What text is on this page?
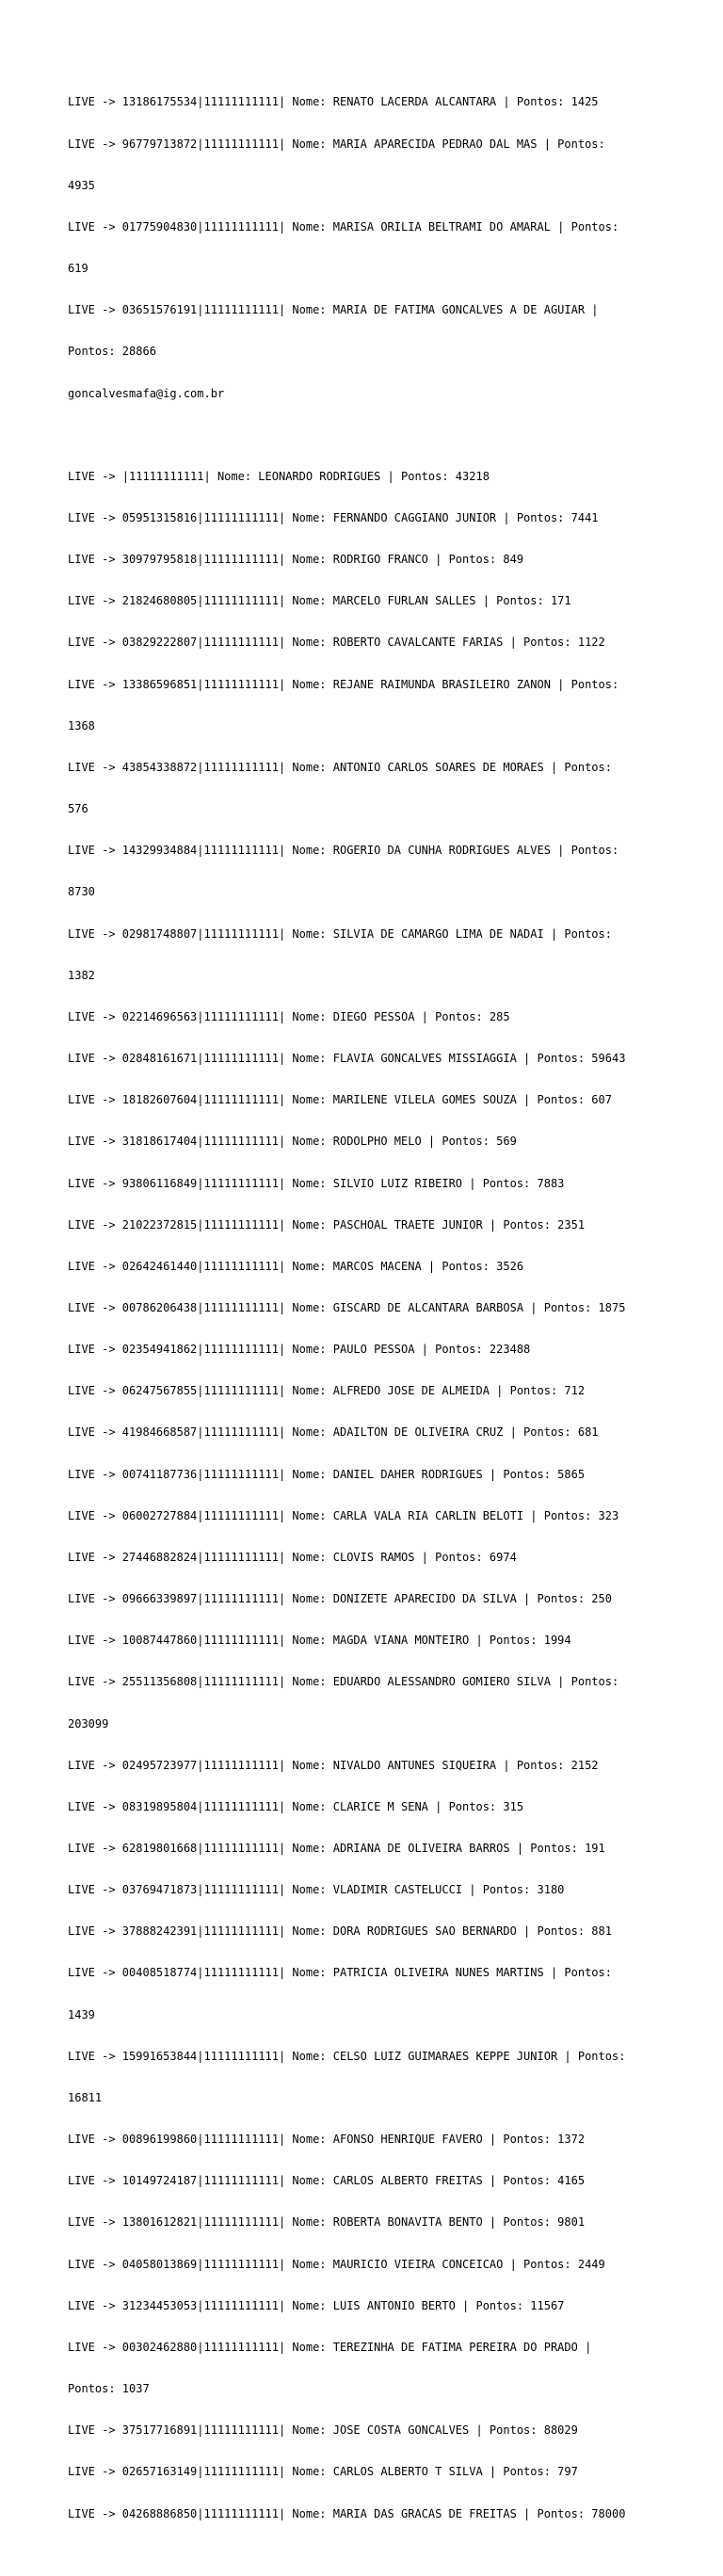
LIVE -> 13186175534|11111111111| Nome: RENATO LACERDA ALCANTARA | Pontos: 1425

LIVE -> 96779713872|11111111111| Nome: MARIA APARECIDA PEDRAO DAL MAS | Pontos:

4935

LIVE -> 01775904830|11111111111| Nome: MARISA ORILIA BELTRAMI DO AMARAL | Pontos:

619

LIVE -> 03651576191|11111111111| Nome: MARIA DE FATIMA GONCALVES A DE AGUIAR |

Pontos: 28866

goncalvesmafa@ig.com.br

LIVE -> |11111111111| Nome: LEONARDO RODRIGUES | Pontos: 43218

LIVE -> 05951315816|11111111111| Nome: FERNANDO CAGGIANO JUNIOR | Pontos: 7441

LIVE -> 30979795818|11111111111| Nome: RODRIGO FRANCO | Pontos: 849

LIVE -> 21824680805|11111111111| Nome: MARCELO FURLAN SALLES | Pontos: 171

LIVE -> 03829222807|11111111111| Nome: ROBERTO CAVALCANTE FARIAS | Pontos: 1122

LIVE -> 13386596851|11111111111| Nome: REJANE RAIMUNDA BRASILEIRO ZANON | Pontos:

1368

LIVE -> 43854338872|11111111111| Nome: ANTONIO CARLOS SOARES DE MORAES | Pontos:

576

LIVE -> 14329934884|11111111111| Nome: ROGERIO DA CUNHA RODRIGUES ALVES | Pontos:

8730

LIVE -> 02981748807|11111111111| Nome: SILVIA DE CAMARGO LIMA DE NADAI | Pontos:

1382

LIVE -> 02214696563|11111111111| Nome: DIEGO PESSOA | Pontos: 285

LIVE -> 02848161671|11111111111| Nome: FLAVIA GONCALVES MISSIAGGIA | Pontos: 59643

LIVE -> 18182607604|11111111111| Nome: MARILENE VILELA GOMES SOUZA | Pontos: 607

LIVE -> 31818617404|11111111111| Nome: RODOLPHO MELO | Pontos: 569

LIVE -> 93806116849|11111111111| Nome: SILVIO LUIZ RIBEIRO | Pontos: 7883

LIVE -> 21022372815|11111111111| Nome: PASCHOAL TRAETE JUNIOR | Pontos: 2351

LIVE -> 02642461440|11111111111| Nome: MARCOS MACENA | Pontos: 3526

LIVE -> 00786206438|11111111111| Nome: GISCARD DE ALCANTARA BARBOSA | Pontos: 1875

LIVE -> 02354941862|11111111111| Nome: PAULO PESSOA | Pontos: 223488

LIVE -> 06247567855|11111111111| Nome: ALFREDO JOSE DE ALMEIDA | Pontos: 712

LIVE -> 41984668587|11111111111| Nome: ADAILTON DE OLIVEIRA CRUZ | Pontos: 681

LIVE -> 00741187736|11111111111| Nome: DANIEL DAHER RODRIGUES | Pontos: 5865

LIVE -> 06002727884|11111111111| Nome: CARLA VALA RIA CARLIN BELOTI | Pontos: 323

LIVE -> 27446882824|11111111111| Nome: CLOVIS RAMOS | Pontos: 6974

LIVE -> 09666339897|11111111111| Nome: DONIZETE APARECIDO DA SILVA | Pontos: 250

LIVE -> 10087447860|11111111111| Nome: MAGDA VIANA MONTEIRO | Pontos: 1994

LIVE -> 25511356808|11111111111| Nome: EDUARDO ALESSANDRO GOMIERO SILVA | Pontos:

203099

LIVE -> 02495723977|11111111111| Nome: NIVALDO ANTUNES SIQUEIRA | Pontos: 2152

LIVE -> 08319895804|11111111111| Nome: CLARICE M SENA | Pontos: 315

LIVE -> 62819801668|11111111111| Nome: ADRIANA DE OLIVEIRA BARROS | Pontos: 191

LIVE -> 03769471873|11111111111| Nome: VLADIMIR CASTELUCCI | Pontos: 3180

LIVE -> 37888242391|11111111111| Nome: DORA RODRIGUES SAO BERNARDO | Pontos: 881

LIVE -> 00408518774|11111111111| Nome: PATRICIA OLIVEIRA NUNES MARTINS | Pontos:

1439

LIVE -> 15991653844|11111111111| Nome: CELSO LUIZ GUIMARAES KEPPE JUNIOR | Pontos:

16811

LIVE -> 00896199860|11111111111| Nome: AFONSO HENRIQUE FAVERO | Pontos: 1372

LIVE -> 10149724187|11111111111| Nome: CARLOS ALBERTO FREITAS | Pontos: 4165

LIVE -> 13801612821|11111111111| Nome: ROBERTA BONAVITA BENTO | Pontos: 9801

LIVE -> 04058013869|11111111111| Nome: MAURICIO VIEIRA CONCEICAO | Pontos: 2449

LIVE -> 31234453053|11111111111| Nome: LUIS ANTONIO BERTO | Pontos: 11567

LIVE -> 00302462880|11111111111| Nome: TEREZINHA DE FATIMA PEREIRA DO PRADO |

Pontos: 1037

LIVE -> 37517716891|11111111111| Nome: JOSE COSTA GONCALVES | Pontos: 88029

LIVE -> 02657163149|11111111111| Nome: CARLOS ALBERTO T SILVA | Pontos: 797

LIVE -> 04268886850|11111111111| Nome: MARIA DAS GRACAS DE FREITAS | Pontos: 78000
